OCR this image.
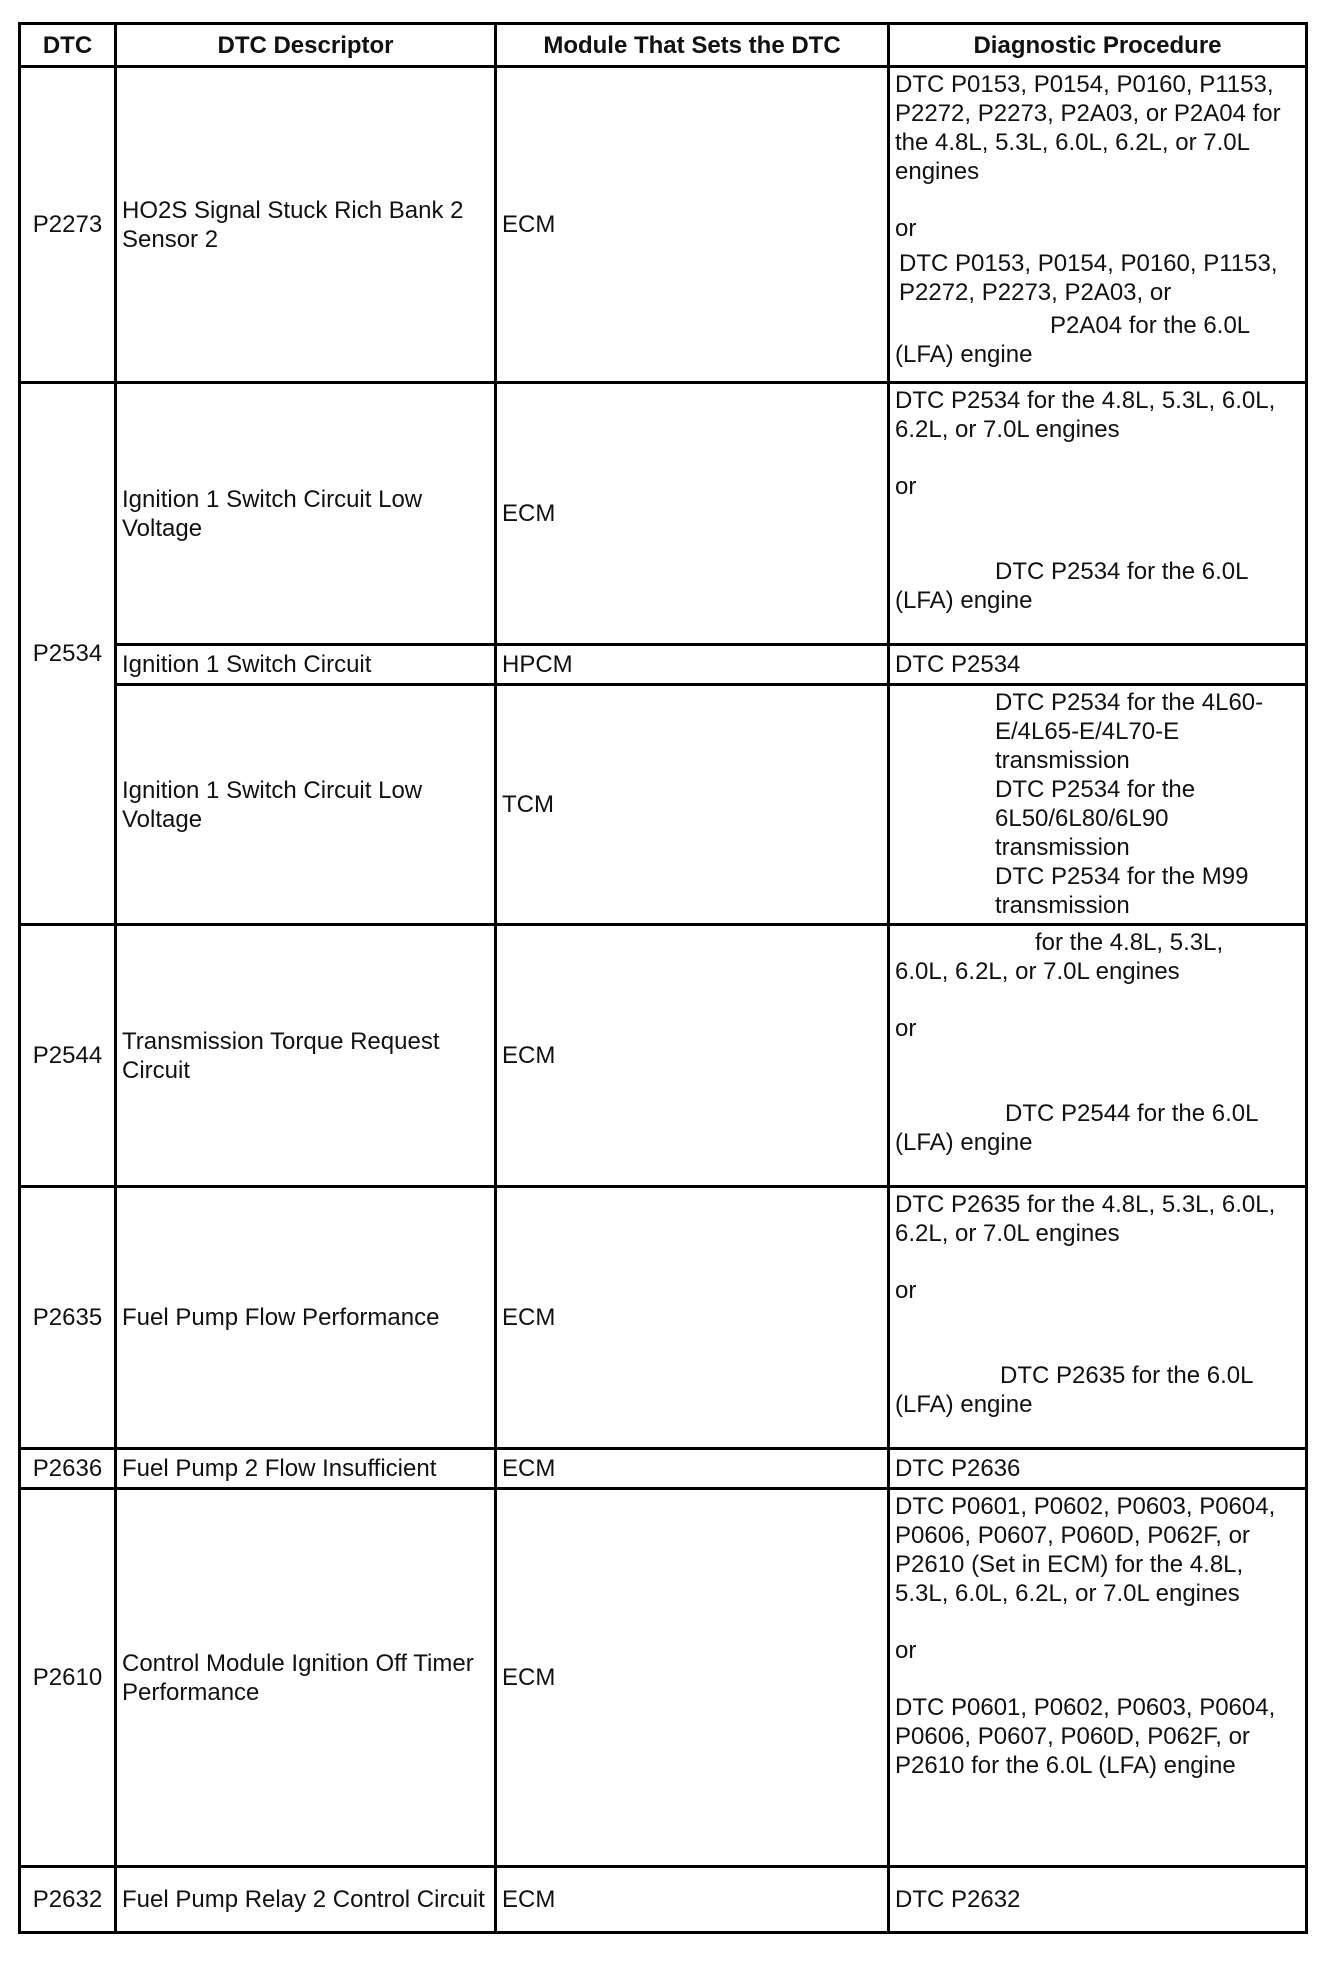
DTC	DTC Descriptor	Module That Sets the DTC	Diagnostic Procedure
P2273	HO2S Signal Stuck Rich Bank 2 Sensor 2	ECM	DTC P0153, P0154, P0160, P1153, P2272, P2273, P2A03, or P2A04 for the 4.8L, 5.3L, 6.0L, 6.2L, or 7.0L engines
or
DTC P0153, P0154, P0160, P1153, P2272, P2273, P2A03, or
P2A04 for the 6.0L
(LFA) engine

P2534	Ignition 1 Switch Circuit Low Voltage	ECM	DTC P2534 for the 4.8L, 5.3L, 6.0L, 6.2L, or 7.0L engines
or
DTC P2534 for the 6.0L
(LFA) engine

	Ignition 1 Switch Circuit	HPCM	DTC P2534
	Ignition 1 Switch Circuit Low Voltage	TCM	DTC P2534 for the 4L60-E/4L65-E/4L70-E transmission
DTC P2534 for the 6L50/6L80/6L90 transmission
DTC P2534 for the M99 transmission

P2544	Transmission Torque Request Circuit	ECM	for the 4.8L, 5.3L,
6.0L, 6.2L, or 7.0L engines
or
DTC P2544 for the 6.0L
(LFA) engine

P2635	Fuel Pump Flow Performance	ECM	DTC P2635 for the 4.8L, 5.3L, 6.0L, 6.2L, or 7.0L engines
or
DTC P2635 for the 6.0L
(LFA) engine

P2636	Fuel Pump 2 Flow Insufficient	ECM	DTC P2636
P2610	Control Module Ignition Off Timer Performance	ECM	DTC P0601, P0602, P0603, P0604, P0606, P0607, P060D, P062F, or P2610 (Set in ECM) for the 4.8L, 5.3L, 6.0L, 6.2L, or 7.0L engines
or
DTC P0601, P0602, P0603, P0604, P0606, P0607, P060D, P062F, or P2610 for the 6.0L (LFA) engine

P2632	Fuel Pump Relay 2 Control Circuit	ECM	DTC P2632
